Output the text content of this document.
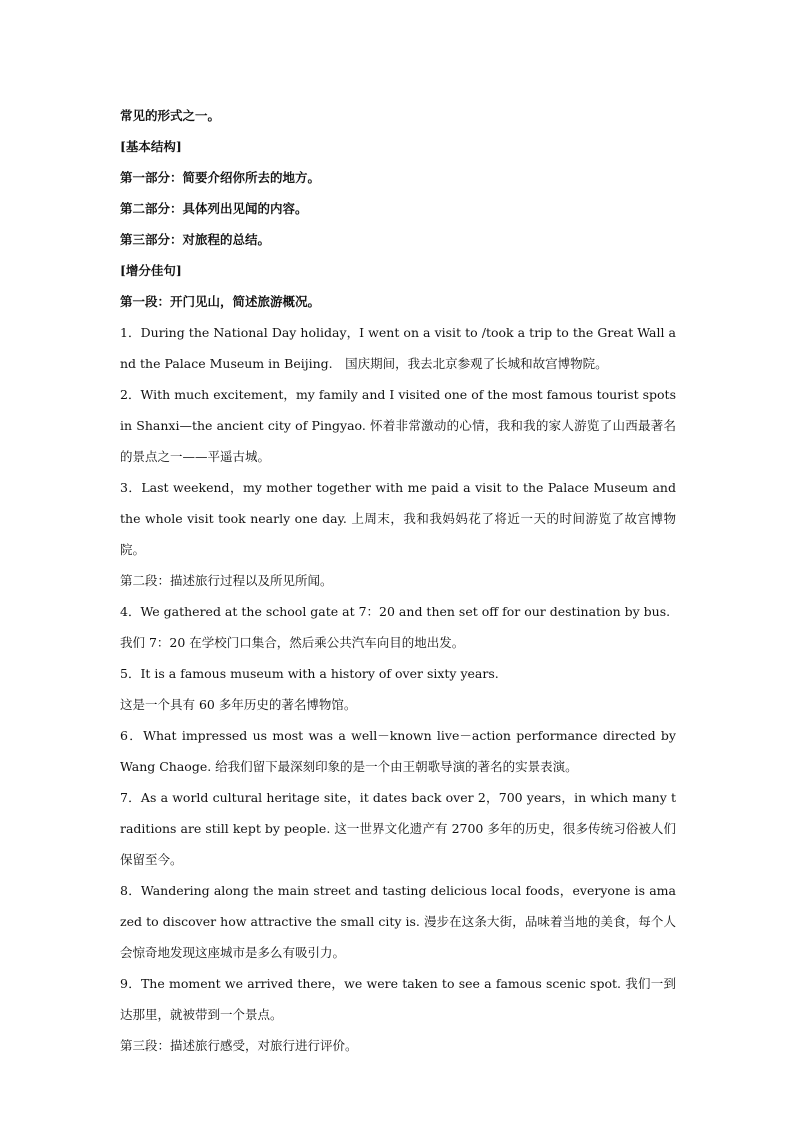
常见的形式之一。

[基本结构]

第一部分：简要介绍你所去的地方。

第二部分：具体列出见闻的内容。

第三部分：对旅程的总结。

[增分佳句]

第一段：开门见山，简述旅游概况。

1．During the National Day holiday，I went on a visit to /took a trip to the Great Wall and the Palace Museum in Beijing.　国庆期间，我去北京参观了长城和故宫博物院。

2．With much excitement，my family and I visited one of the most famous tourist spots in Shanxi—the ancient city of Pingyao. 怀着非常激动的心情，我和我的家人游览了山西最著名的景点之一——平遥古城。

3．Last weekend，my mother together with me paid a visit to the Palace Museum and the whole visit took nearly one day. 上周末，我和我妈妈花了将近一天的时间游览了故宫博物院。

第二段：描述旅行过程以及所见所闻。

4．We gathered at the school gate at 7：20 and then set off for our destination by bus.

我们 7：20 在学校门口集合，然后乘公共汽车向目的地出发。

5．It is a famous museum with a history of over sixty years.

这是一个具有 60 多年历史的著名博物馆。

6．What impressed us most was a well－known live－action performance directed by Wang Chaoge. 给我们留下最深刻印象的是一个由王朝歌导演的著名的实景表演。

7．As a world cultural heritage site，it dates back over 2，700 years，in which many traditions are still kept by people. 这一世界文化遗产有 2700 多年的历史，很多传统习俗被人们保留至今。

8．Wandering along the main street and tasting delicious local foods，everyone is amazed to discover how attractive the small city is. 漫步在这条大街，品味着当地的美食，每个人会惊奇地发现这座城市是多么有吸引力。

9．The moment we arrived there，we were taken to see a famous scenic spot. 我们一到达那里，就被带到一个景点。

第三段：描述旅行感受，对旅行进行评价。
